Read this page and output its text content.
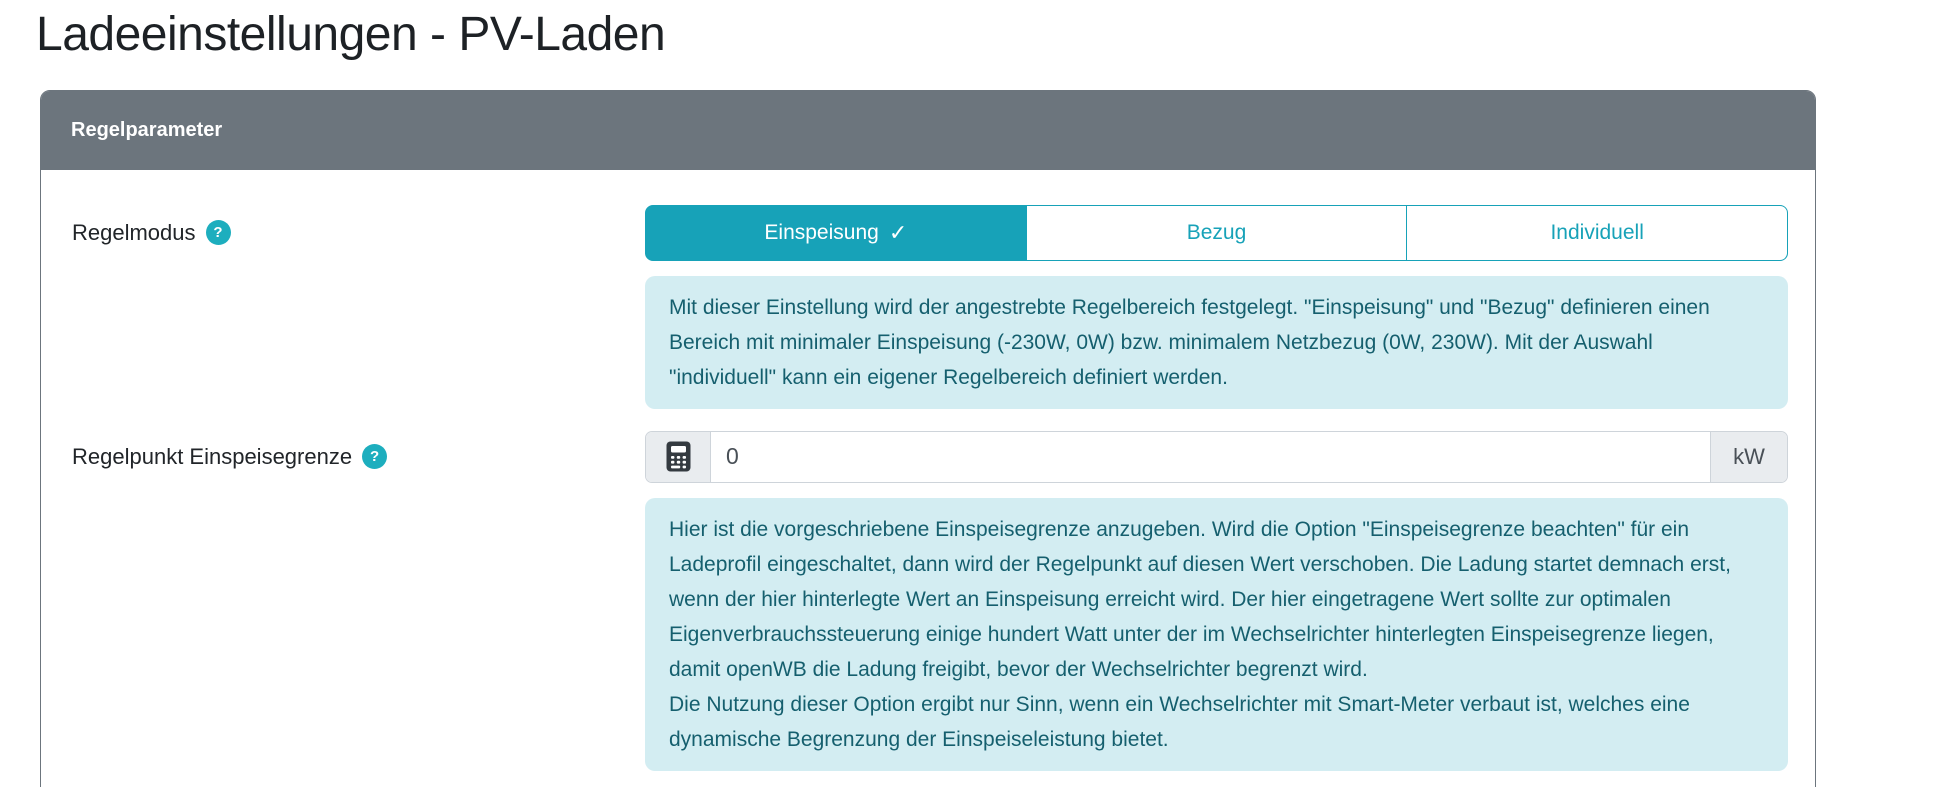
Ladeeinstellungen - PV-Laden
Regelparameter
Regelmodus	?	Einspeisung ✓	Bezug	Individuell
Mit dieser Einstellung wird der angestrebte Regelbereich festgelegt. "Einspeisung" und "Bezug" definieren einen Bereich mit minimaler Einspeisung (-230W, 0W) bzw. minimalem Netzbezug (0W, 230W). Mit der Auswahl "individuell" kann ein eigener Regelbereich definiert werden.
Regelpunkt Einspeisegrenze	?
0	kW
Hier ist die vorgeschriebene Einspeisegrenze anzugeben. Wird die Option "Einspeisegrenze beachten" für ein Ladeprofil eingeschaltet, dann wird der Regelpunkt auf diesen Wert verschoben. Die Ladung startet demnach erst, wenn der hier hinterlegte Wert an Einspeisung erreicht wird. Der hier eingetragene Wert sollte zur optimalen Eigenverbrauchssteuerung einige hundert Watt unter der im Wechselrichter hinterlegten Einspeisegrenze liegen, damit openWB die Ladung freigibt, bevor der Wechselrichter begrenzt wird.
Die Nutzung dieser Option ergibt nur Sinn, wenn ein Wechselrichter mit Smart-Meter verbaut ist, welches eine dynamische Begrenzung der Einspeiseleistung bietet.
